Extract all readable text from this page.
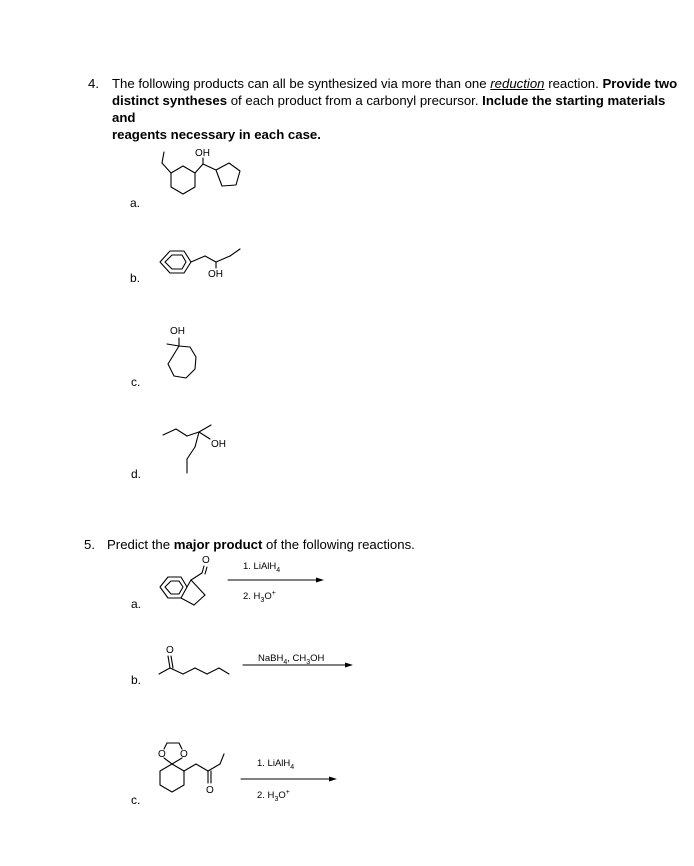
4. The following products can all be synthesized via more than one reduction reaction. Provide two
distinct syntheses of each product from a carbonyl precursor. Include the starting materials and
reagents necessary in each case.
a.
OH
b.	OH
c.
OH
d.
OH
5. Predict the major product of the following reactions.
a.
O
1. LiAlH$_4$
2. $H_3O^+$
b.
O
NaBH$_4$, $CH_3OH$
c.
O O
O
1. LiAlH$_4$
2. $H_3O^+$
